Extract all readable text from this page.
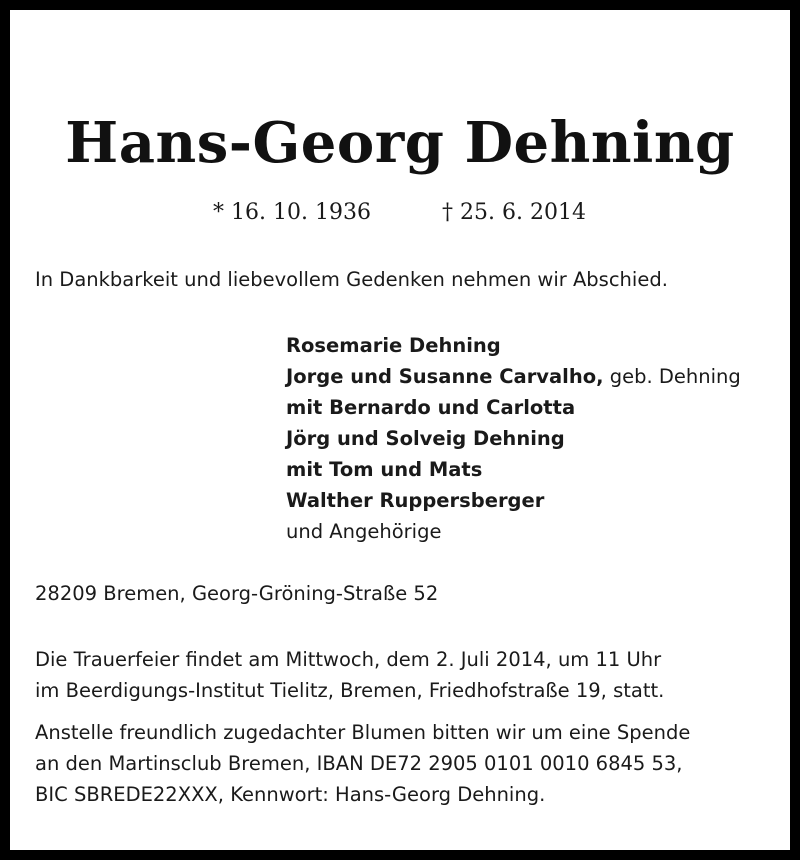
Hans-Georg Dehning
* 16. 10. 1936	† 25. 6. 2014
In Dankbarkeit und liebevollem Gedenken nehmen wir Abschied.
Rosemarie Dehning
Jorge und Susanne Carvalho, geb. Dehning
mit Bernardo und Carlotta
Jörg und Solveig Dehning
mit Tom und Mats
Walther Ruppersberger
und Angehörige
28209 Bremen, Georg-Gröning-Straße 52
Die Trauerfeier findet am Mittwoch, dem 2. Juli 2014, um 11 Uhr
im Beerdigungs-Institut Tielitz, Bremen, Friedhofstraße 19, statt.
Anstelle freundlich zugedachter Blumen bitten wir um eine Spende
an den Martinsclub Bremen, IBAN DE72 2905 0101 0010 6845 53,
BIC SBREDE22XXX, Kennwort: Hans-Georg Dehning.
